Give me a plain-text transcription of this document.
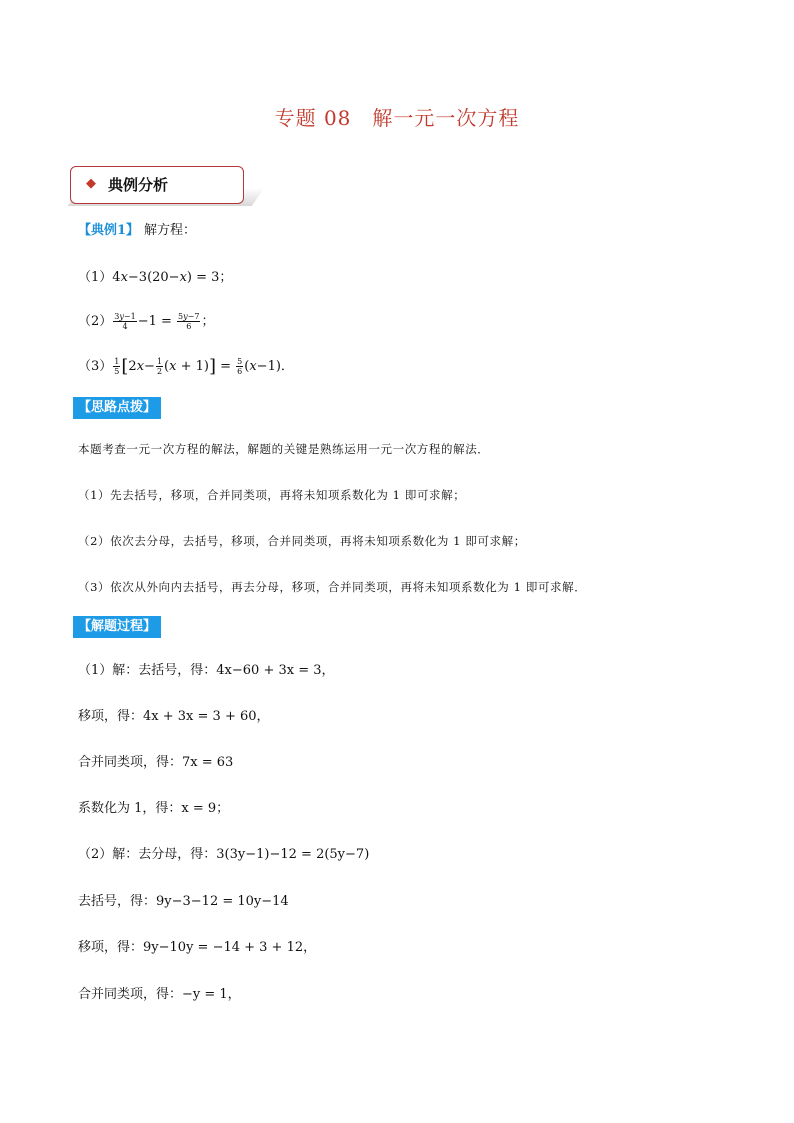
专题 08　解一元一次方程
◆ 典例分析
【典例1】 解方程：
（1）4x−3(20−x) = 3；
$(2) \frac{3y-1}{4} -1 = \frac{5y-7}{6}$ ；
$(3) \frac{1}{5} [2x- \frac{1}{2} (x + 1)] = \frac{5}{6} (x-1)$．
【思路点拨】
本题考查一元一次方程的解法，解题的关键是熟练运用一元一次方程的解法．
（1）先去括号，移项，合并同类项，再将未知项系数化为 1 即可求解；
（2）依次去分母，去括号，移项，合并同类项，再将未知项系数化为 1 即可求解；
（3）依次从外向内去括号，再去分母，移项，合并同类项，再将未知项系数化为 1 即可求解．
【解题过程】
（1）解：去括号，得：4x−60 + 3x = 3，
移项，得：4x + 3x = 3 + 60，
合并同类项，得：7x = 63
系数化为 1，得：x = 9；
（2）解：去分母，得：3(3y−1)−12 = 2(5y−7)
去括号，得：9y−3−12 = 10y−14
移项，得：9y−10y = −14 + 3 + 12，
合并同类项，得：−y = 1，
